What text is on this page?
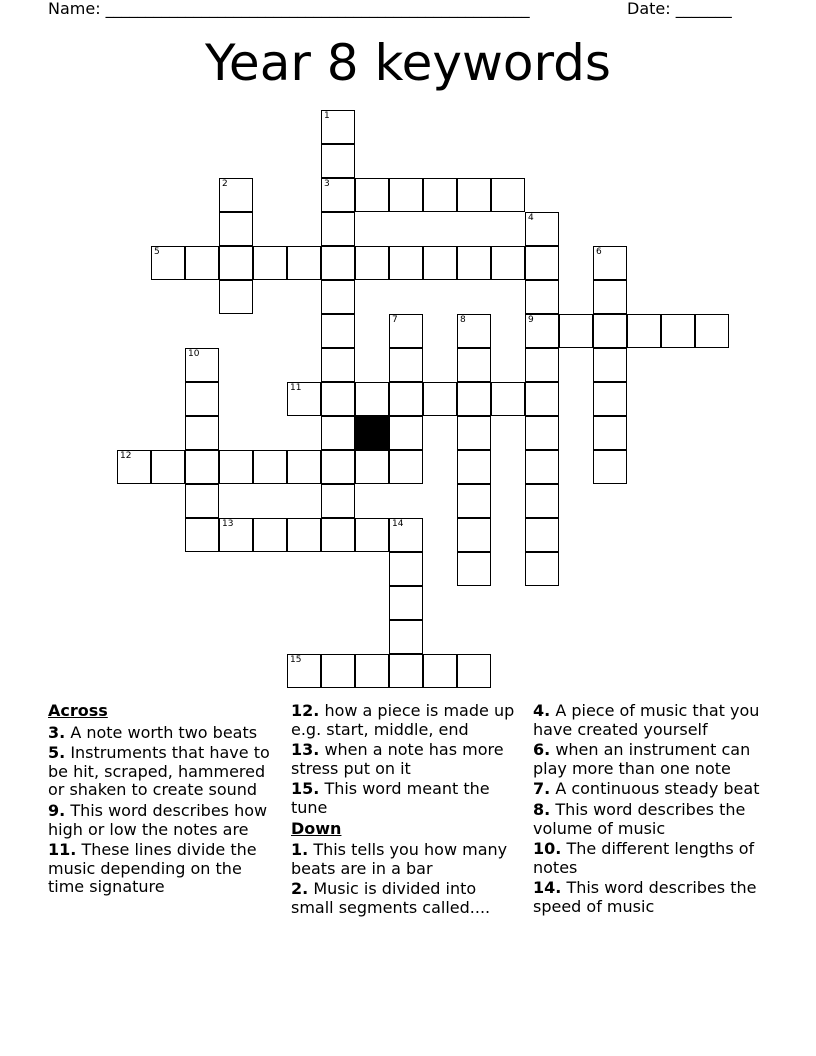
Name: _____________________________________________________	Date: _______
Year 8 keywords
1
2	3
4
5	6
7	8	9
10
11
12
13	14
15
Across
3. A note worth two beats
5. Instruments that have to be hit, scraped, hammered or shaken to create sound
9. This word describes how high or low the notes are
11. These lines divide the music depending on the time signature
12. how a piece is made up e.g. start, middle, end
13. when a note has more stress put on it
15. This word meant the tune
Down
1. This tells you how many beats are in a bar
2. Music is divided into small segments called....
4. A piece of music that you have created yourself
6. when an instrument can play more than one note
7. A continuous steady beat
8. This word describes the volume of music
10. The different lengths of notes
14. This word describes the speed of music
